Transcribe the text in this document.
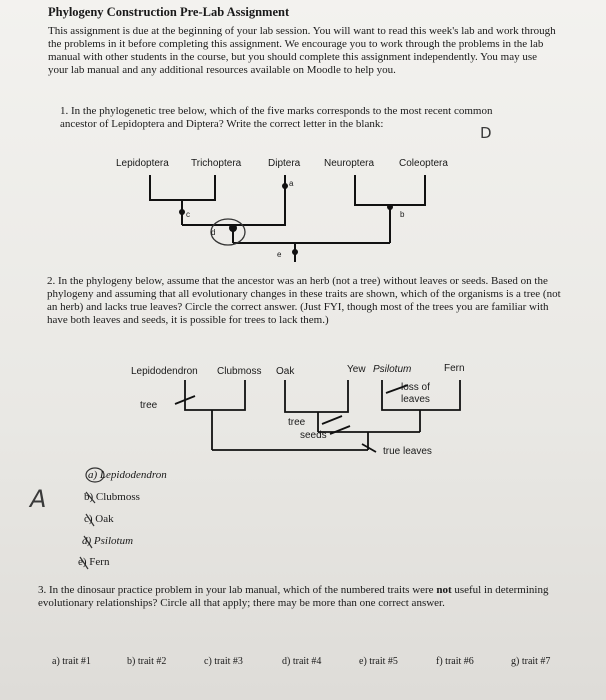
Phylogeny Construction Pre-Lab Assignment
This assignment is due at the beginning of your lab session. You will want to read this week's lab and work through the problems in it before completing this assignment. We encourage you to work through the problems in the lab manual with other students in the course, but you should complete this assignment independently. You may use your lab manual and any additional resources available on Moodle to help you.
1. In the phylogenetic tree below, which of the five marks corresponds to the most recent common ancestor of Lepidoptera and Diptera? Write the correct letter in the blank:	D
Lepidoptera Trichoptera	Diptera Neuroptera Coleoptera
a
b
c
d
e
2. In the phylogeny below, assume that the ancestor was an herb (not a tree) without leaves or seeds. Based on the phylogeny and assuming that all evolutionary changes in these traits are shown, which of the organisms is a tree (not an herb) and lacks true leaves? Circle the correct answer. (Just FYI, though most of the trees you are familiar with have both leaves and seeds, it is possible for trees to lack them.)
Lepidodendron Clubmoss Oak	Yew Psilotum	Fern
tree
tree
seeds
loss of leaves
true leaves
a) Lepidodendron
b) Clubmoss
c) Oak
d) Psilotum
e) Fern
A
3. In the dinosaur practice problem in your lab manual, which of the numbered traits were not useful in determining evolutionary relationships? Circle all that apply; there may be more than one correct answer.
a) trait #1	b) trait #2	c) trait #3	d) trait #4	e) trait #5	f) trait #6	g) trait #7
